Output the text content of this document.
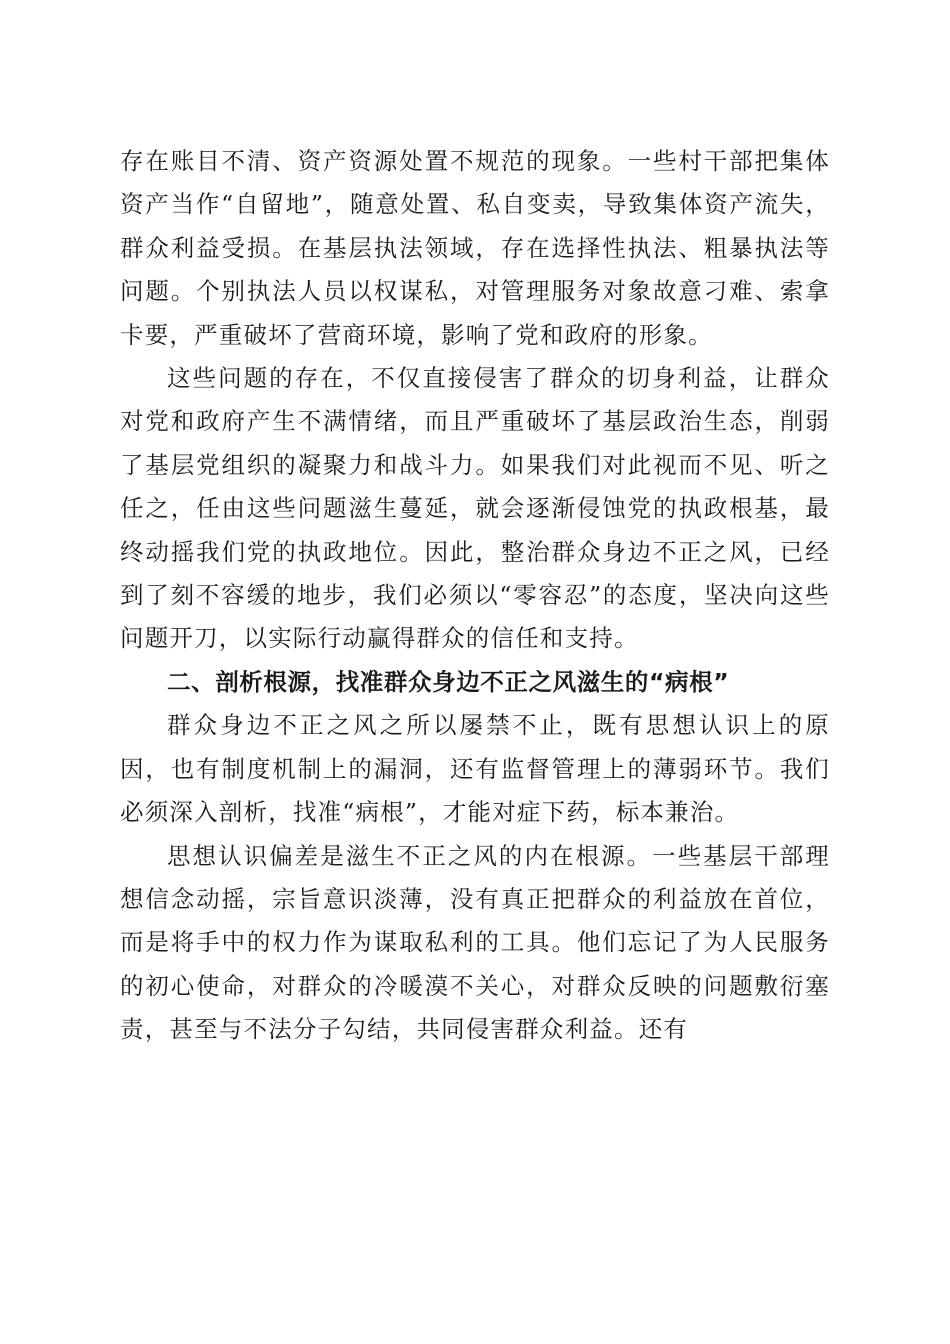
存在账目不清、资产资源处置不规范的现象。一些村干部把集体资产当作“自留地”，随意处置、私自变卖，导致集体资产流失，群众利益受损。在基层执法领域，存在选择性执法、粗暴执法等问题。个别执法人员以权谋私，对管理服务对象故意刁难、索拿卡要，严重破坏了营商环境，影响了党和政府的形象。

这些问题的存在，不仅直接侵害了群众的切身利益，让群众对党和政府产生不满情绪，而且严重破坏了基层政治生态，削弱了基层党组织的凝聚力和战斗力。如果我们对此视而不见、听之任之，任由这些问题滋生蔓延，就会逐渐侵蚀党的执政根基，最终动摇我们党的执政地位。因此，整治群众身边不正之风，已经到了刻不容缓的地步，我们必须以“零容忍”的态度，坚决向这些问题开刀，以实际行动赢得群众的信任和支持。

二、剖析根源，找准群众身边不正之风滋生的“病根”

群众身边不正之风之所以屡禁不止，既有思想认识上的原因，也有制度机制上的漏洞，还有监督管理上的薄弱环节。我们必须深入剖析，找准“病根”，才能对症下药，标本兼治。

思想认识偏差是滋生不正之风的内在根源。一些基层干部理想信念动摇，宗旨意识淡薄，没有真正把群众的利益放在首位，而是将手中的权力作为谋取私利的工具。他们忘记了为人民服务的初心使命，对群众的冷暖漠不关心，对群众反映的问题敷衍塞责，甚至与不法分子勾结，共同侵害群众利益。还有
